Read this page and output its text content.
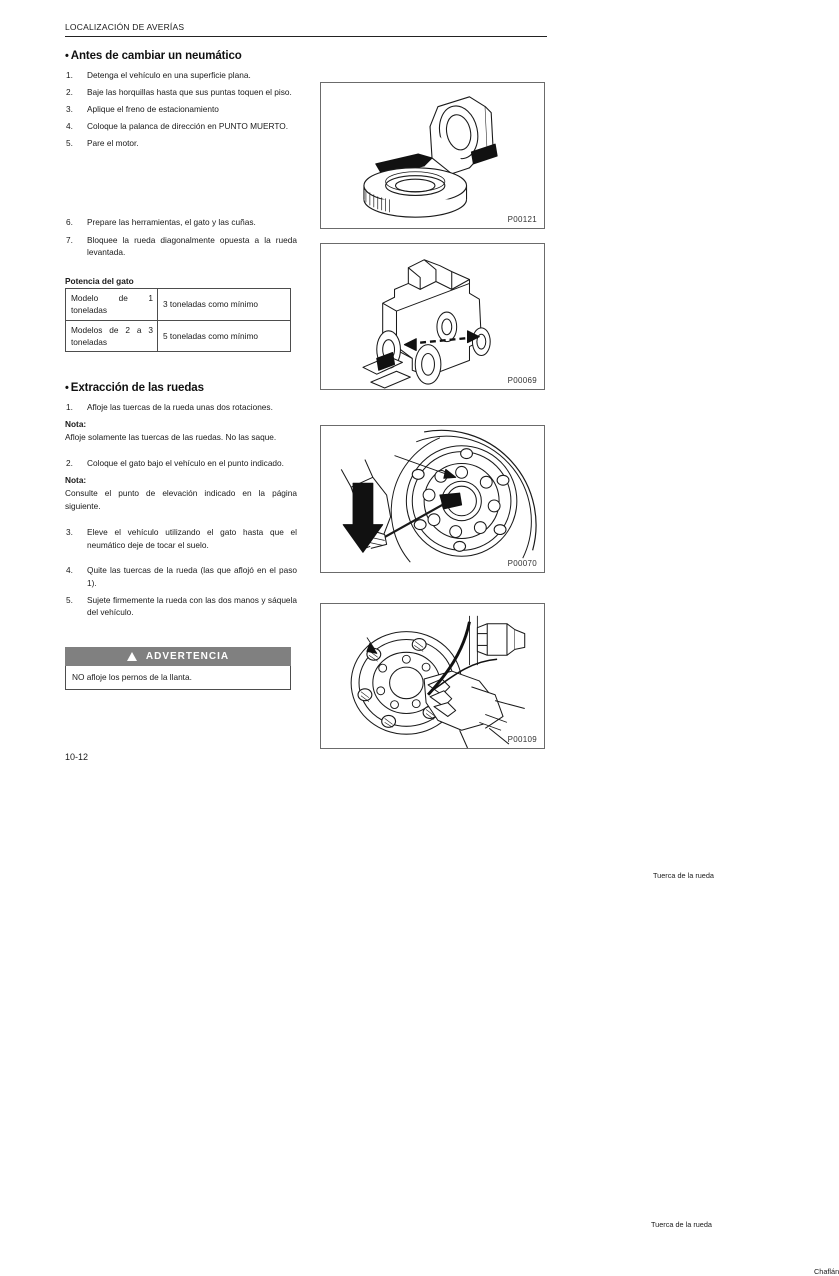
LOCALIZACIÓN DE AVERÍAS
• Antes de cambiar un neumático
1.	Detenga el vehículo en una superficie plana.
2.	Baje las horquillas hasta que sus puntas toquen el piso.
3.	Aplique el freno de estacionamiento
4.	Coloque la palanca de dirección en PUNTO MUERTO.
5.	Pare el motor.
6.	Prepare las herramientas, el gato y las cuñas.
7.	Bloquee la rueda diagonalmente opuesta a la rueda levantada.
Potencia del gato
Modelo de 1 toneladas	3 toneladas como mínimo
Modelos de 2 a 3 toneladas	5 toneladas como mínimo
• Extracción de las ruedas
1.	Afloje las tuercas de la rueda unas dos rotaciones.
Nota:
Afloje solamente las tuercas de las ruedas. No las saque.
2.	Coloque el gato bajo el vehículo en el punto indicado.
Nota:
Consulte el punto de elevación indicado en la página siguiente.
3.	Eleve el vehículo utilizando el gato hasta que el neumático deje de tocar el suelo.
4.	Quite las tuercas de la rueda (las que aflojó en el paso 1).
5.	Sujete firmemente la rueda con las dos manos y sáquela del vehículo.
ADVERTENCIA
NO afloje los pernos de la llanta.
10-12
P00121
P00069
Tuerca de la rueda
P00070
Tuerca de la rueda
Chaflán
P00109
